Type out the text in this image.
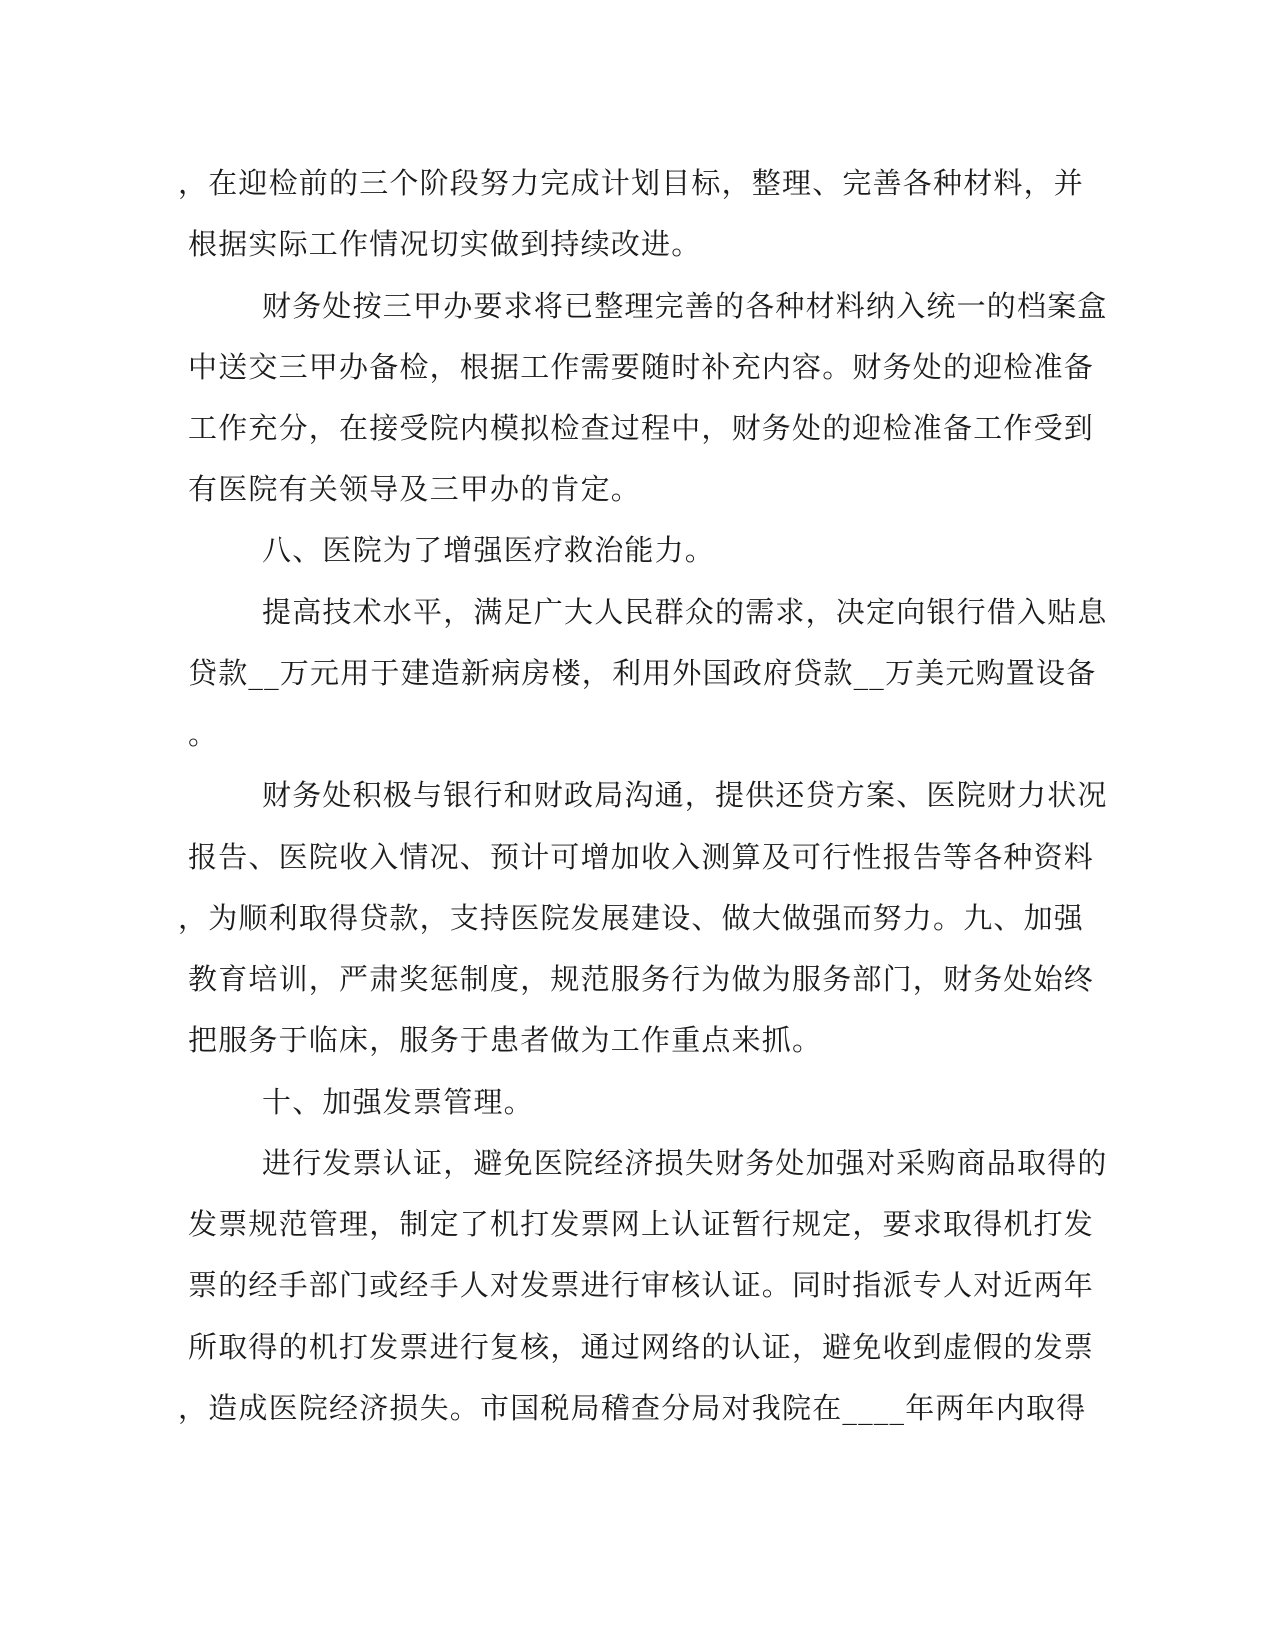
，在迎检前的三个阶段努力完成计划目标，整理、完善各种材料，并
根据实际工作情况切实做到持续改进。
财务处按三甲办要求将已整理完善的各种材料纳入统一的档案盒
中送交三甲办备检，根据工作需要随时补充内容。财务处的迎检准备
工作充分，在接受院内模拟检查过程中，财务处的迎检准备工作受到
有医院有关领导及三甲办的肯定。
八、医院为了增强医疗救治能力。
提高技术水平，满足广大人民群众的需求，决定向银行借入贴息
贷款__万元用于建造新病房楼，利用外国政府贷款__万美元购置设备
。
财务处积极与银行和财政局沟通，提供还贷方案、医院财力状况
报告、医院收入情况、预计可增加收入测算及可行性报告等各种资料
，为顺利取得贷款，支持医院发展建设、做大做强而努力。九、加强
教育培训，严肃奖惩制度，规范服务行为做为服务部门，财务处始终
把服务于临床，服务于患者做为工作重点来抓。
十、加强发票管理。
进行发票认证，避免医院经济损失财务处加强对采购商品取得的
发票规范管理，制定了机打发票网上认证暂行规定，要求取得机打发
票的经手部门或经手人对发票进行审核认证。同时指派专人对近两年
所取得的机打发票进行复核，通过网络的认证，避免收到虚假的发票
，造成医院经济损失。市国税局稽查分局对我院在____年两年内取得
